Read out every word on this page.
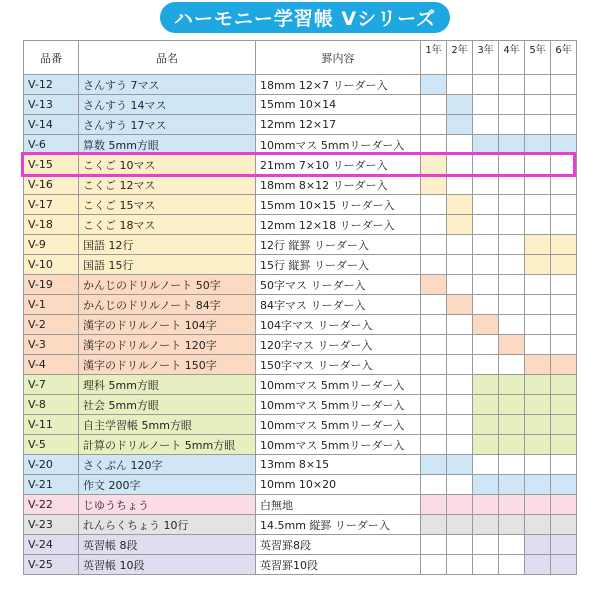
ハーモニー学習帳 Vシリーズ
品番	品名	罫内容	1年	2年	3年	4年	5年	6年
V-12	さんすう 7マス	18mm 12×7 リーダー入						
V-13	さんすう 14マス	15mm 10×14						
V-14	さんすう 17マス	12mm 12×17						
V-6	算数 5mm方眼	10mmマス 5mmリーダー入						
V-15	こくご 10マス	21mm 7×10 リーダー入						
V-16	こくご 12マス	18mm 8×12 リーダー入						
V-17	こくご 15マス	15mm 10×15 リーダー入						
V-18	こくご 18マス	12mm 12×18 リーダー入						
V-9	国語 12行	12行 縦罫 リーダー入						
V-10	国語 15行	15行 縦罫 リーダー入						
V-19	かんじのドリルノート 50字	50字マス リーダー入						
V-1	かんじのドリルノート 84字	84字マス リーダー入						
V-2	漢字のドリルノート 104字	104字マス リーダー入						
V-3	漢字のドリルノート 120字	120字マス リーダー入						
V-4	漢字のドリルノート 150字	150字マス リーダー入						
V-7	理科 5mm方眼	10mmマス 5mmリーダー入						
V-8	社会 5mm方眼	10mmマス 5mmリーダー入						
V-11	自主学習帳 5mm方眼	10mmマス 5mmリーダー入						
V-5	計算のドリルノート 5mm方眼	10mmマス 5mmリーダー入						
V-20	さくぶん 120字	13mm 8×15						
V-21	作文 200字	10mm 10×20						
V-22	じゆうちょう	白無地						
V-23	れんらくちょう 10行	14.5mm 縦罫 リーダー入						
V-24	英習帳 8段	英習罫8段						
V-25	英習帳 10段	英習罫10段						
